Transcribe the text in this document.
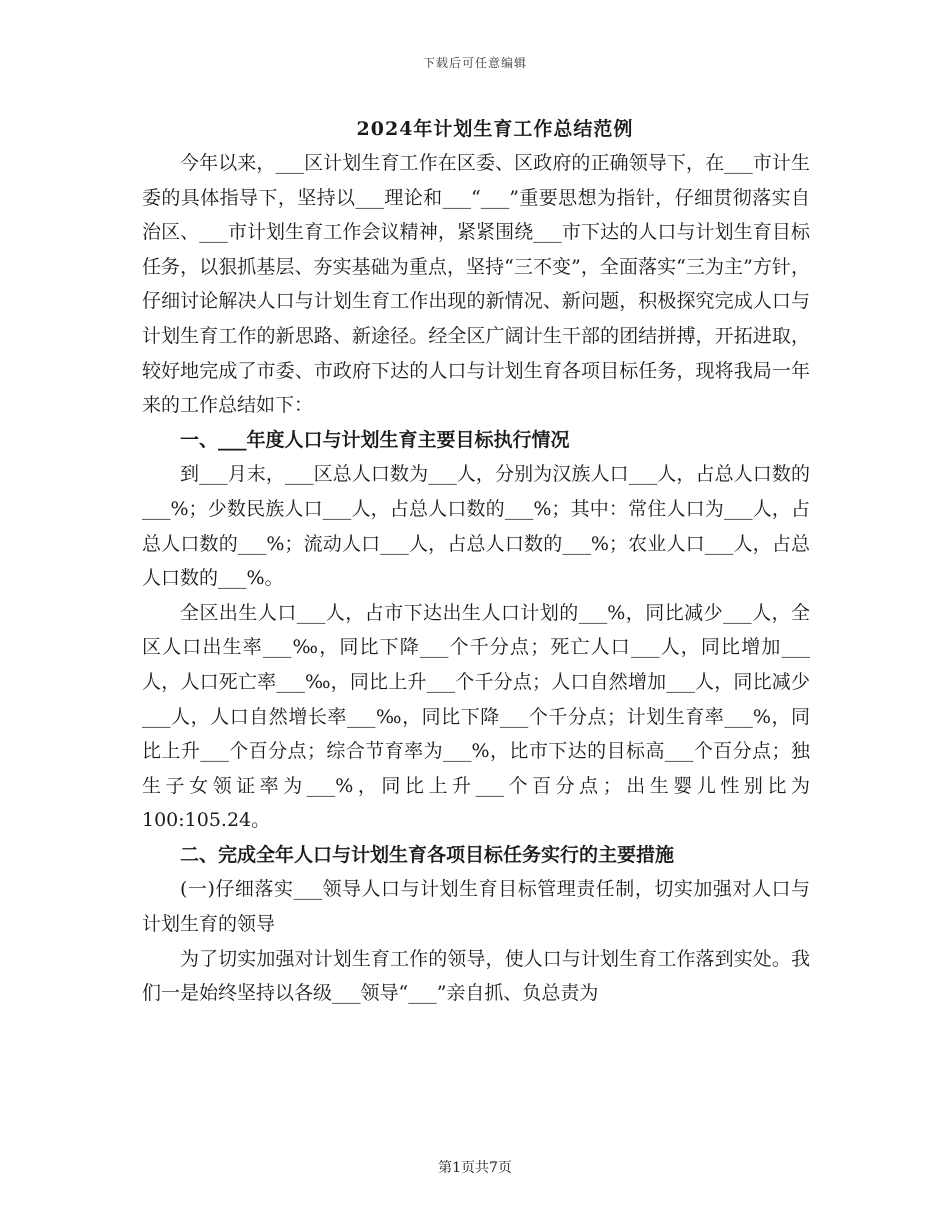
下载后可任意编辑
2024年计划生育工作总结范例

今年以来，___区计划生育工作在区委、区政府的正确领导下，在___市计生委的具体指导下，坚持以___理论和___“___”重要思想为指针，仔细贯彻落实自治区、___市计划生育工作会议精神，紧紧围绕___市下达的人口与计划生育目标任务，以狠抓基层、夯实基础为重点，坚持“三不变”，全面落实“三为主”方针，仔细讨论解决人口与计划生育工作出现的新情况、新问题，积极探究完成人口与计划生育工作的新思路、新途径。经全区广阔计生干部的团结拼搏，开拓进取，较好地完成了市委、市政府下达的人口与计划生育各项目标任务，现将我局一年来的工作总结如下：

一、___年度人口与计划生育主要目标执行情况

到___月末，___区总人口数为___人，分别为汉族人口___人，占总人口数的___%；少数民族人口___人，占总人口数的___%；其中：常住人口为___人，占总人口数的___%；流动人口___人，占总人口数的___%；农业人口___人，占总人口数的___%。

全区出生人口___人，占市下达出生人口计划的___%，同比减少___人，全区人口出生率___‰，同比下降___个千分点；死亡人口___人，同比增加___人，人口死亡率___‰，同比上升___个千分点；人口自然增加___人，同比减少___人，人口自然增长率___‰，同比下降___个千分点；计划生育率___%，同比上升___个百分点；综合节育率为___%，比市下达的目标高___个百分点；独生子女领证率为___%，同比上升___个百分点；出生婴儿性别比为100:105.24。

二、完成全年人口与计划生育各项目标任务实行的主要措施

(一)仔细落实___领导人口与计划生育目标管理责任制，切实加强对人口与计划生育的领导

为了切实加强对计划生育工作的领导，使人口与计划生育工作落到实处。我们一是始终坚持以各级___领导“___”亲自抓、负总责为

第1页共7页
